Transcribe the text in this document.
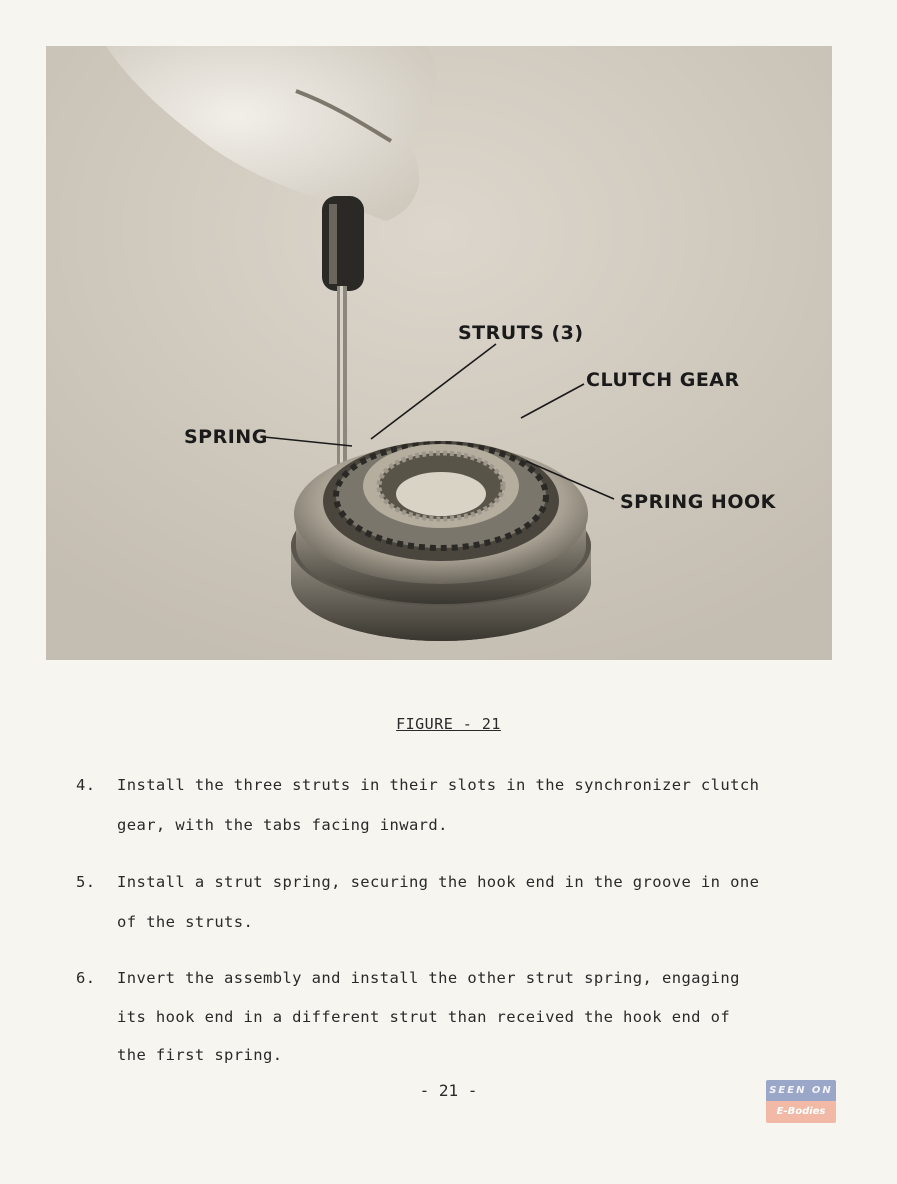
STRUTS (3)
CLUTCH GEAR
SPRING
SPRING HOOK
FIGURE - 21
4. Install the three struts in their slots in the synchronizer clutch
gear, with the tabs facing inward.
5. Install a strut spring, securing the hook end in the groove in one
of the struts.
6. Invert the assembly and install the other strut spring, engaging
its hook end in a different strut than received the hook end of
the first spring.
- 21 -	SEEN ON
E-Bodies
